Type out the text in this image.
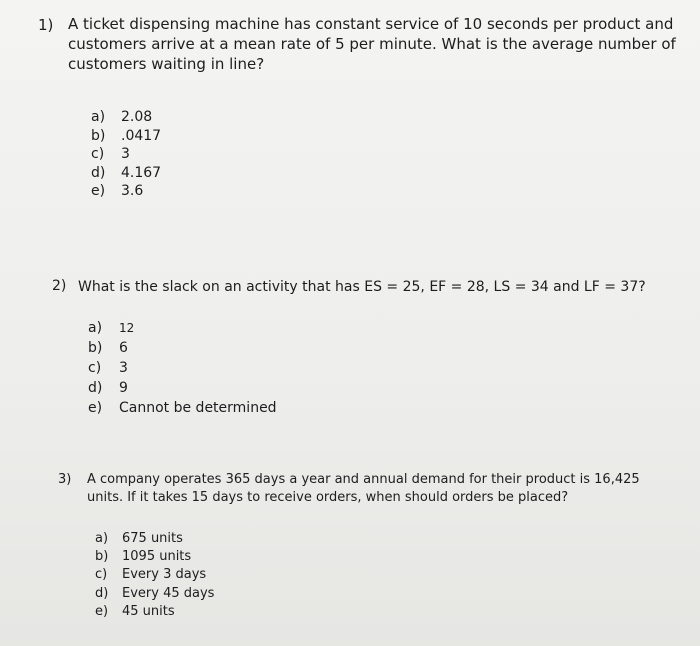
1) A ticket dispensing machine has constant service of 10 seconds per product and customers arrive at a mean rate of 5 per minute. What is the average number of customers waiting in line?

a)	2.08
b)	.0417
c)	3
d)	4.167
e)	3.6
2) What is the slack on an activity that has ES = 25, EF = 28, LS = 34 and LF = 37?

a)	12
b)	6
c)	3
d)	9
e)	Cannot be determined
3) A company operates 365 days a year and annual demand for their product is 16,425 units. If it takes 15 days to receive orders, when should orders be placed?

a)	675 units
b)	1095 units
c)	Every 3 days
d)	Every 45 days
e)	45 units
